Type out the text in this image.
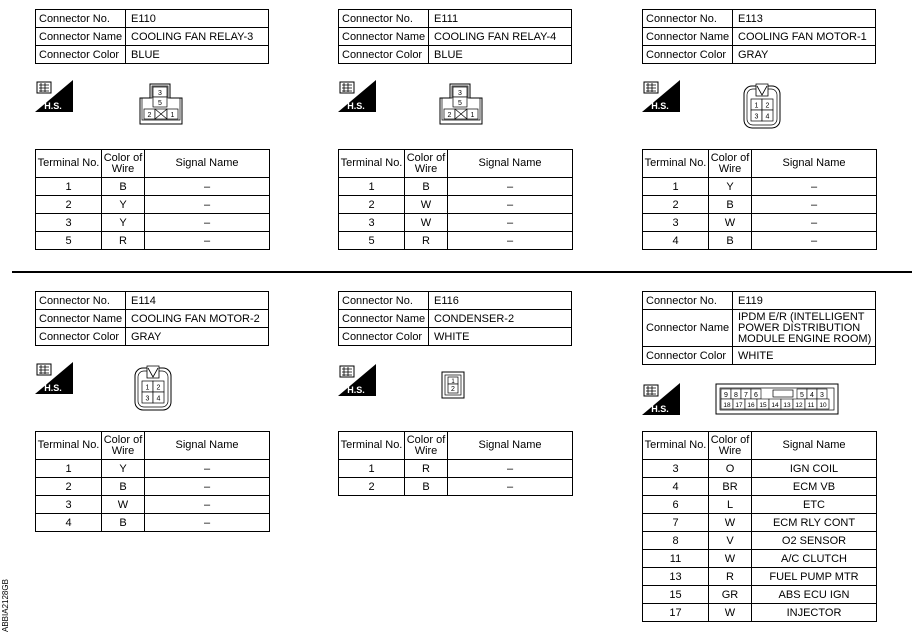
Connector No.	E110
Connector Name	COOLING FAN RELAY-3
Connector Color	BLUE
H.S.
3
5
2	1
Terminal No.	Color of Wire	Signal Name
1	B	–
2	Y	–
3	Y	–
5	R	–
Connector No.	E111
Connector Name	COOLING FAN RELAY-4
Connector Color	BLUE
H.S.
3
5
2	1
Terminal No.	Color of Wire	Signal Name
1	B	–
2	W	–
3	W	–
5	R	–
Connector No.	E113
Connector Name	COOLING FAN MOTOR-1
Connector Color	GRAY
H.S.	1 2
3 4
Terminal No.	Color of Wire	Signal Name
1	Y	–
2	B	–
3	W	–
4	B	–
Connector No.	E114
Connector Name	COOLING FAN MOTOR-2
Connector Color	GRAY
H.S.	1 2
3 4
Terminal No.	Color of Wire	Signal Name
1	Y	–
2	B	–
3	W	–
4	B	–
Connector No.	E116
Connector Name	CONDENSER-2
Connector Color	WHITE
H.S.
1
2
Terminal No.	Color of Wire	Signal Name
1	R	–
2	B	–
Connector No.	E119
Connector Name	IPDM E/R (INTELLIGENT POWER DISTRIBUTION MODULE ENGINE ROOM)
Connector Color	WHITE
H.S.
9 8 7 6	5 4 3
18 17 16 15 14 13 12 11 10
Terminal No.	Color of Wire	Signal Name
3	O	IGN COIL
4	BR	ECM VB
6	L	ETC
7	W	ECM RLY CONT
8	V	O2 SENSOR
11	W	A/C CLUTCH
13	R	FUEL PUMP MTR
15	GR	ABS ECU IGN
17	W	INJECTOR
ABBIA2128GB
